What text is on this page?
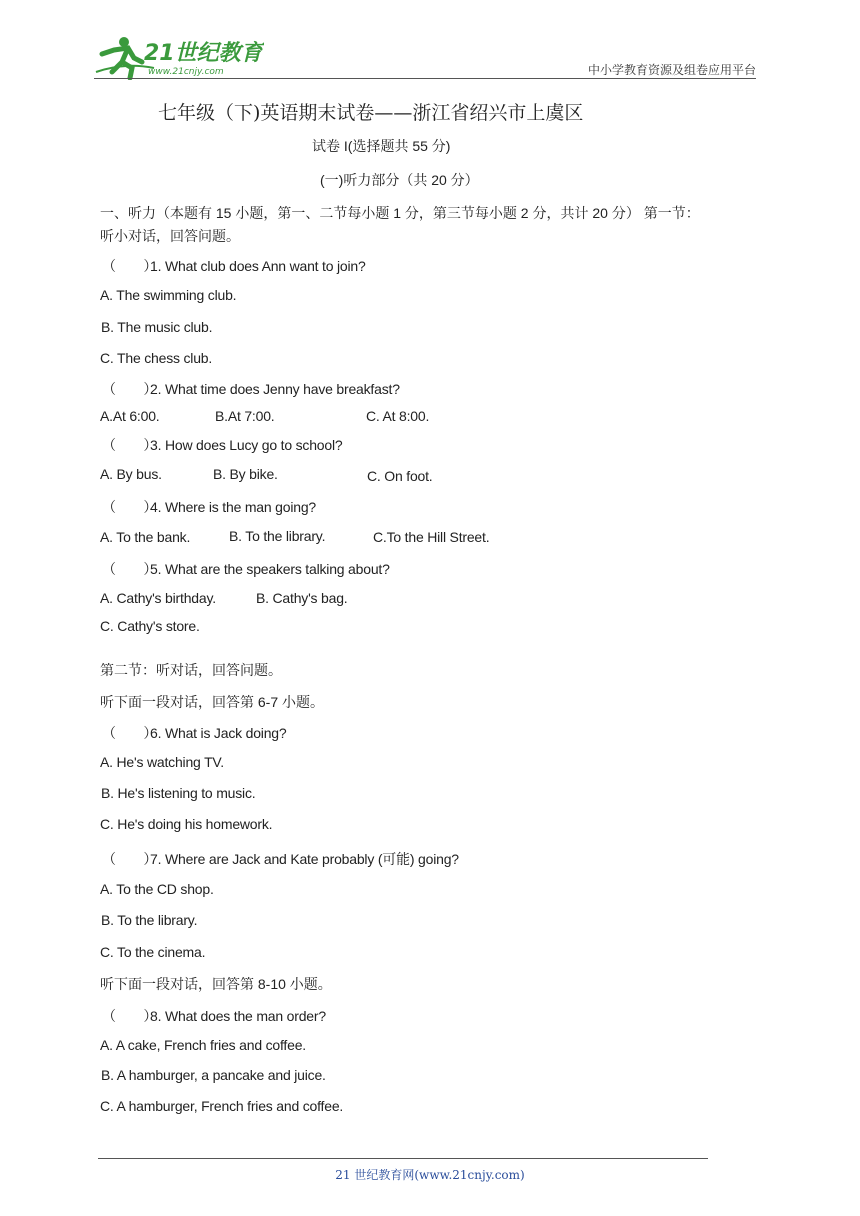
21世纪教育
www.21cnjy.com	中小学教育资源及组卷应用平台
七年级（下)英语期末试卷——浙江省绍兴市上虞区
试卷 I(选择题共 55 分)
(一)听力部分（共 20 分）
一、听力（本题有 15 小题，第一、二节每小题 1 分，第三节每小题 2 分，共计 20 分） 第一节：
听小对话，回答问题。
（　　）1. What club does Ann want to join?
A. The swimming club.
B. The music club.
C. The chess club.
（　　）2. What time does Jenny have breakfast?
A.At 6:00.	B.At 7:00.	C. At 8:00.
（　　）3. How does Lucy go to school?
A. By bus.	B. By bike.	C. On foot.
（　　）4. Where is the man going?
A. To the bank.	B. To the library.	C.To the Hill Street.
（　　）5. What are the speakers talking about?
A. Cathy's birthday.	B. Cathy's bag.
C. Cathy's store.
第二节：听对话，回答问题。
听下面一段对话，回答第 6-7 小题。
（　　）6. What is Jack doing?
A. He's watching TV.
B. He's listening to music.
C. He's doing his homework.
（　　）7. Where are Jack and Kate probably (可能) going?
A. To the CD shop.
B. To the library.
C. To the cinema.
听下面一段对话，回答第 8-10 小题。
（　　）8. What does the man order?
A. A cake, French fries and coffee.
B. A hamburger, a pancake and juice.
C. A hamburger, French fries and coffee.
21 世纪教育网(www.21cnjy.com)
